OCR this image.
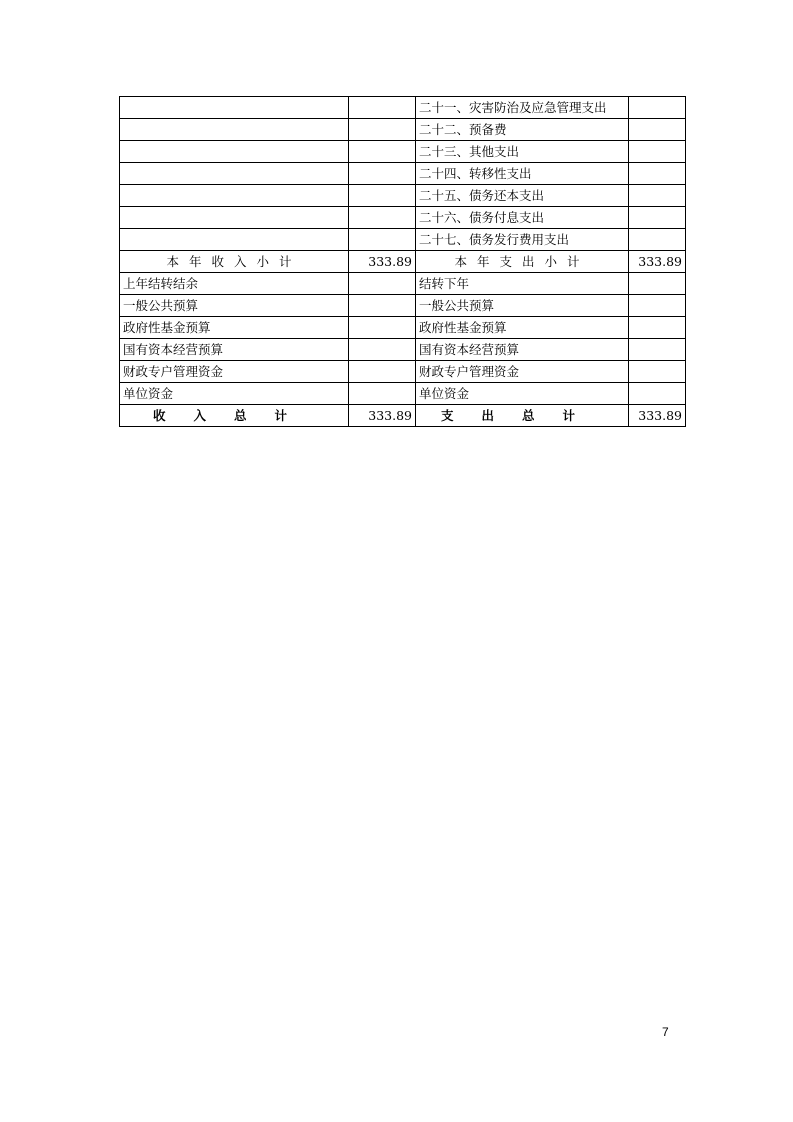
		二十一、灾害防治及应急管理支出	
		二十二、预备费	
		二十三、其他支出	
		二十四、转移性支出	
		二十五、债务还本支出	
		二十六、债务付息支出	
		二十七、债务发行费用支出	
本年收入小计	333.89	本年支出小计	333.89
上年结转结余		结转下年	
一般公共预算		一般公共预算	
政府性基金预算		政府性基金预算	
国有资本经营预算		国有资本经营预算	
财政专户管理资金		财政专户管理资金	
单位资金		单位资金	
收入总计	333.89	支出总计	333.89
7
